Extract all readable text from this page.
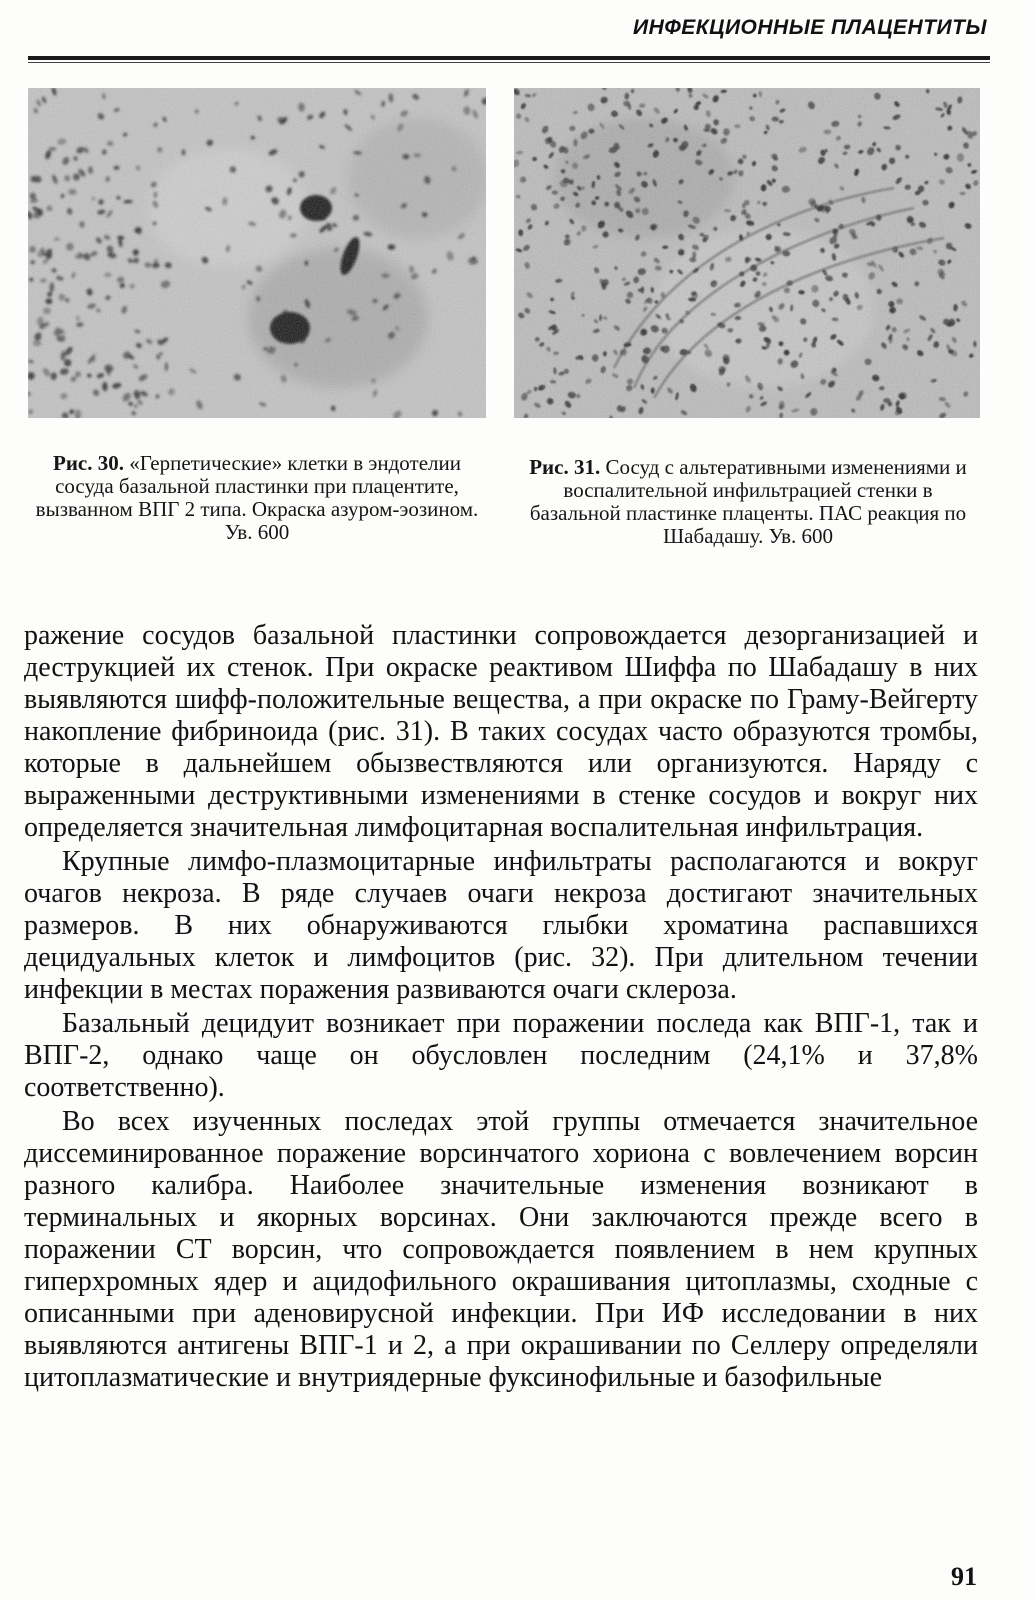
ИНФЕКЦИОННЫЕ ПЛАЦЕНТИТЫ
Рис. 30. «Герпетические» клетки в эндотелии сосуда базальной пластинки при плацентите, вызванном ВПГ 2 типа. Окраска азуром-эозином. Ув. 600
Рис. 31. Сосуд с альтеративными изменениями и воспалительной инфильтрацией стенки в базальной пластинке плаценты. ПАС реакция по Шабадашу. Ув. 600

ражение сосудов базальной пластинки сопровождается дезорганизацией и деструкцией их стенок. При окраске реактивом Шиффа по Шабадашу в них выявляются шифф-положительные вещества, а при окраске по Граму-Вейгерту накопление фибриноида (рис. 31). В таких сосудах часто образуются тромбы, которые в дальнейшем обызвествляются или организуются. Наряду с выраженными деструктивными изменениями в стенке сосудов и вокруг них определяется значительная лимфоцитарная воспалительная инфильтрация.

Крупные лимфо-плазмоцитарные инфильтраты располагаются и вокруг очагов некроза. В ряде случаев очаги некроза достигают значительных размеров. В них обнаруживаются глыбки хроматина распавшихся децидуальных клеток и лимфоцитов (рис. 32). При длительном течении инфекции в местах поражения развиваются очаги склероза.

Базальный децидуит возникает при поражении последа как ВПГ-1, так и ВПГ-2, однако чаще он обусловлен последним (24,1% и 37,8% соответственно).

Во всех изученных последах этой группы отмечается значительное диссеминированное поражение ворсинчатого хориона с вовлечением ворсин разного калибра. Наиболее значительные изменения возникают в терминальных и якорных ворсинах. Они заключаются прежде всего в поражении СТ ворсин, что сопровождается появлением в нем крупных гиперхромных ядер и ацидофильного окрашивания цитоплазмы, сходные с описанными при аденовирусной инфекции. При ИФ исследовании в них выявляются антигены ВПГ-1 и 2, а при окрашивании по Селлеру определяли цитоплазматические и внутриядерные фуксинофильные и базофильные

91
